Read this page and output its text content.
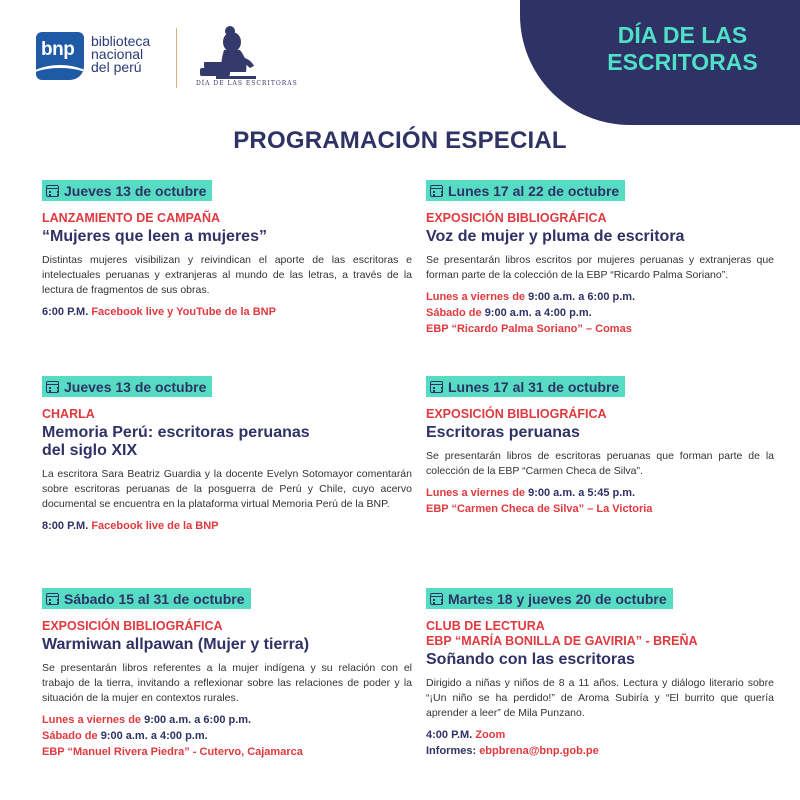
bnp biblioteca
nacional
del perú
DÍA DE LAS ESCRITORAS
DÍA DE LAS
ESCRITORAS
PROGRAMACIÓN ESPECIAL
Jueves 13 de octubre
LANZAMIENTO DE CAMPAÑA
“Mujeres que leen a mujeres”
Distintas mujeres visibilizan y reivindican el aporte de las escritoras e intelectuales peruanas y extranjeras al mundo de las letras, a través de la lectura de fragmentos de sus obras.
6:00 P.M. Facebook live y YouTube de la BNP
Lunes 17 al 22 de octubre
EXPOSICIÓN BIBLIOGRÁFICA
Voz de mujer y pluma de escritora
Se presentarán libros escritos por mujeres peruanas y extranjeras que forman parte de la colección de la EBP “Ricardo Palma Soriano”.
Lunes a viernes de 9:00 a.m. a 6:00 p.m.
Sábado de 9:00 a.m. a 4:00 p.m.
EBP “Ricardo Palma Soriano” – Comas
Jueves 13 de octubre
CHARLA
Memoria Perú: escritoras peruanas del siglo XIX
La escritora Sara Beatriz Guardia y la docente Evelyn Sotomayor comentarán sobre escritoras peruanas de la posguerra de Perú y Chile, cuyo acervo documental se encuentra en la plataforma virtual Memoria Perú de la BNP.
8:00 P.M. Facebook live de la BNP
Lunes 17 al 31 de octubre
EXPOSICIÓN BIBLIOGRÁFICA
Escritoras peruanas
Se presentarán libros de escritoras peruanas que forman parte de la colección de la EBP “Carmen Checa de Silva”.
Lunes a viernes de 9:00 a.m. a 5:45 p.m.
EBP “Carmen Checa de Silva” – La Victoria
Sábado 15 al 31 de octubre
EXPOSICIÓN BIBLIOGRÁFICA
Warmiwan allpawan (Mujer y tierra)
Se presentarán libros referentes a la mujer indígena y su relación con el trabajo de la tierra, invitando a reflexionar sobre las relaciones de poder y la situación de la mujer en contextos rurales.
Lunes a viernes de 9:00 a.m. a 6:00 p.m.
Sábado de 9:00 a.m. a 4:00 p.m.
EBP “Manuel Rivera Piedra” - Cutervo, Cajamarca
Martes 18 y jueves 20 de octubre
CLUB DE LECTURA
EBP “MARÍA BONILLA DE GAVIRIA” - BREÑA
Soñando con las escritoras
Dirigido a niñas y niños de 8 a 11 años. Lectura y diálogo literario sobre “¡Un niño se ha perdido!” de Aroma Subiría y “El burrito que quería aprender a leer” de Mila Punzano.
4:00 P.M. Zoom
Informes: ebpbrena@bnp.gob.pe
